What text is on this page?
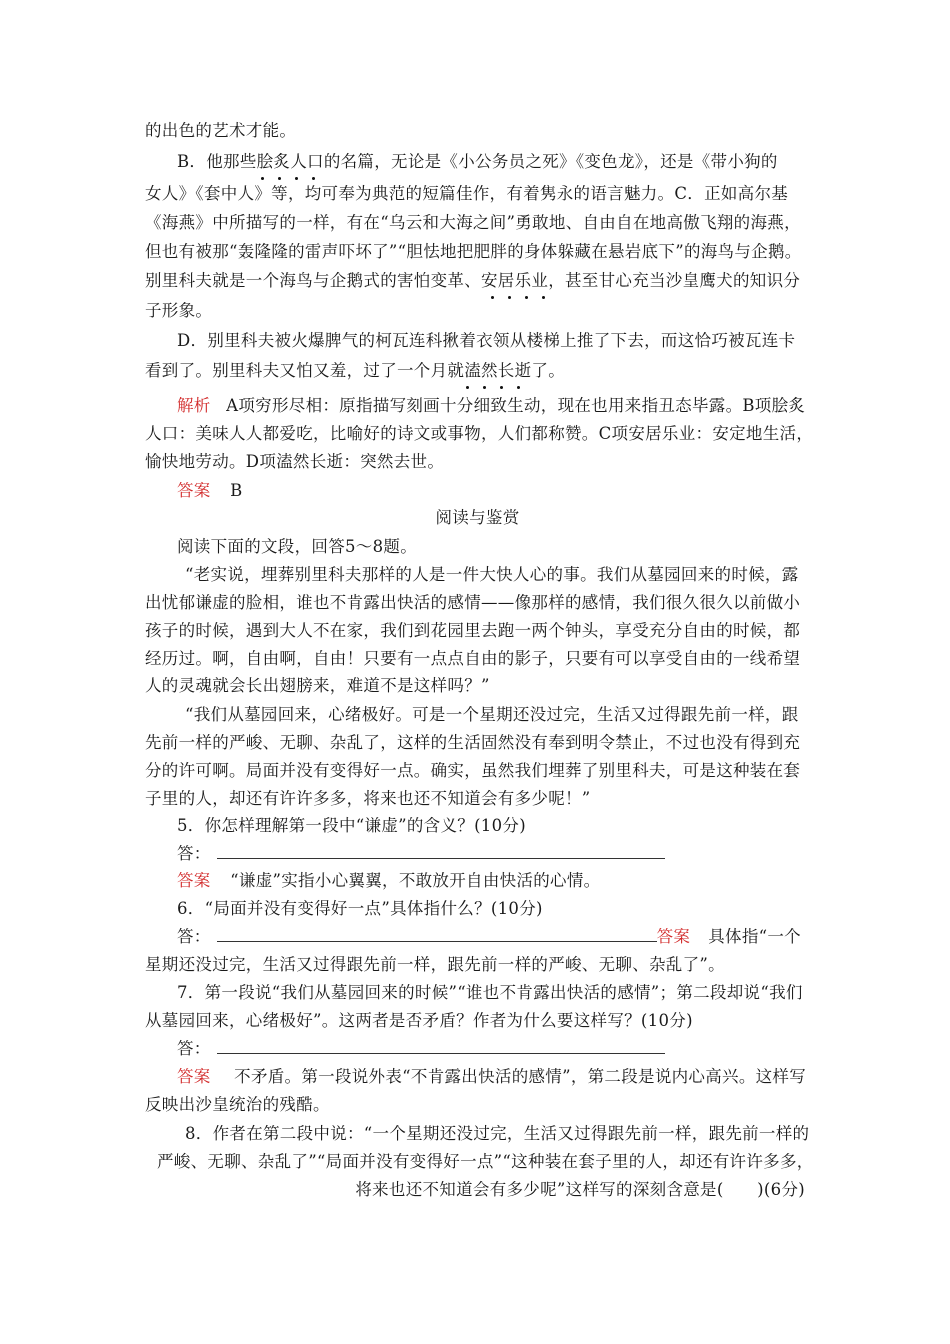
的出色的艺术才能。
B．他那些脍炙人口的名篇，无论是《小公务员之死》《变色龙》，还是《带小狗的
女人》《套中人》等，均可奉为典范的短篇佳作，有着隽永的语言魅力。C．正如高尔基
《海燕》中所描写的一样，有在“乌云和大海之间”勇敢地、自由自在地高傲飞翔的海燕，
但也有被那“轰隆隆的雷声吓坏了”“胆怯地把肥胖的身体躲藏在悬岩底下”的海鸟与企鹅。
别里科夫就是一个海鸟与企鹅式的害怕变革、安居乐业，甚至甘心充当沙皇鹰犬的知识分
子形象。
D．别里科夫被火爆脾气的柯瓦连科揪着衣领从楼梯上推了下去，而这恰巧被瓦连卡
看到了。别里科夫又怕又羞，过了一个月就溘然长逝了。
解析 A项穷形尽相：原指描写刻画十分细致生动，现在也用来指丑态毕露。B项脍炙
人口：美味人人都爱吃，比喻好的诗文或事物，人们都称赞。C项安居乐业：安定地生活，
愉快地劳动。D项溘然长逝：突然去世。
答案 B
阅读与鉴赏
阅读下面的文段，回答5～8题。
“老实说，埋葬别里科夫那样的人是一件大快人心的事。我们从墓园回来的时候，露
出忧郁谦虚的脸相，谁也不肯露出快活的感情——像那样的感情，我们很久很久以前做小
孩子的时候，遇到大人不在家，我们到花园里去跑一两个钟头，享受充分自由的时候，都
经历过。啊，自由啊，自由！只要有一点点自由的影子，只要有可以享受自由的一线希望
人的灵魂就会长出翅膀来，难道不是这样吗？”
“我们从墓园回来，心绪极好。可是一个星期还没过完，生活又过得跟先前一样，跟
先前一样的严峻、无聊、杂乱了，这样的生活固然没有奉到明令禁止，不过也没有得到充
分的许可啊。局面并没有变得好一点。确实，虽然我们埋葬了别里科夫，可是这种装在套
子里的人，却还有许许多多，将来也还不知道会有多少呢！”
5．你怎样理解第一段中“谦虚”的含义？(10分)
答：
答案 “谦虚”实指小心翼翼，不敢放开自由快活的心情。
6．“局面并没有变得好一点”具体指什么？(10分)
答：	答案 具体指“一个
星期还没过完，生活又过得跟先前一样，跟先前一样的严峻、无聊、杂乱了”。
7．第一段说“我们从墓园回来的时候”“谁也不肯露出快活的感情”；第二段却说“我们
从墓园回来，心绪极好”。这两者是否矛盾？作者为什么要这样写？(10分)
答：
答案 不矛盾。第一段说外表“不肯露出快活的感情”，第二段是说内心高兴。这样写
反映出沙皇统治的残酷。
8．作者在第二段中说：“一个星期还没过完，生活又过得跟先前一样，跟先前一样的
严峻、无聊、杂乱了”“局面并没有变得好一点”“这种装在套子里的人，却还有许许多多，
将来也还不知道会有多少呢”这样写的深刻含意是(　　)(6分)
